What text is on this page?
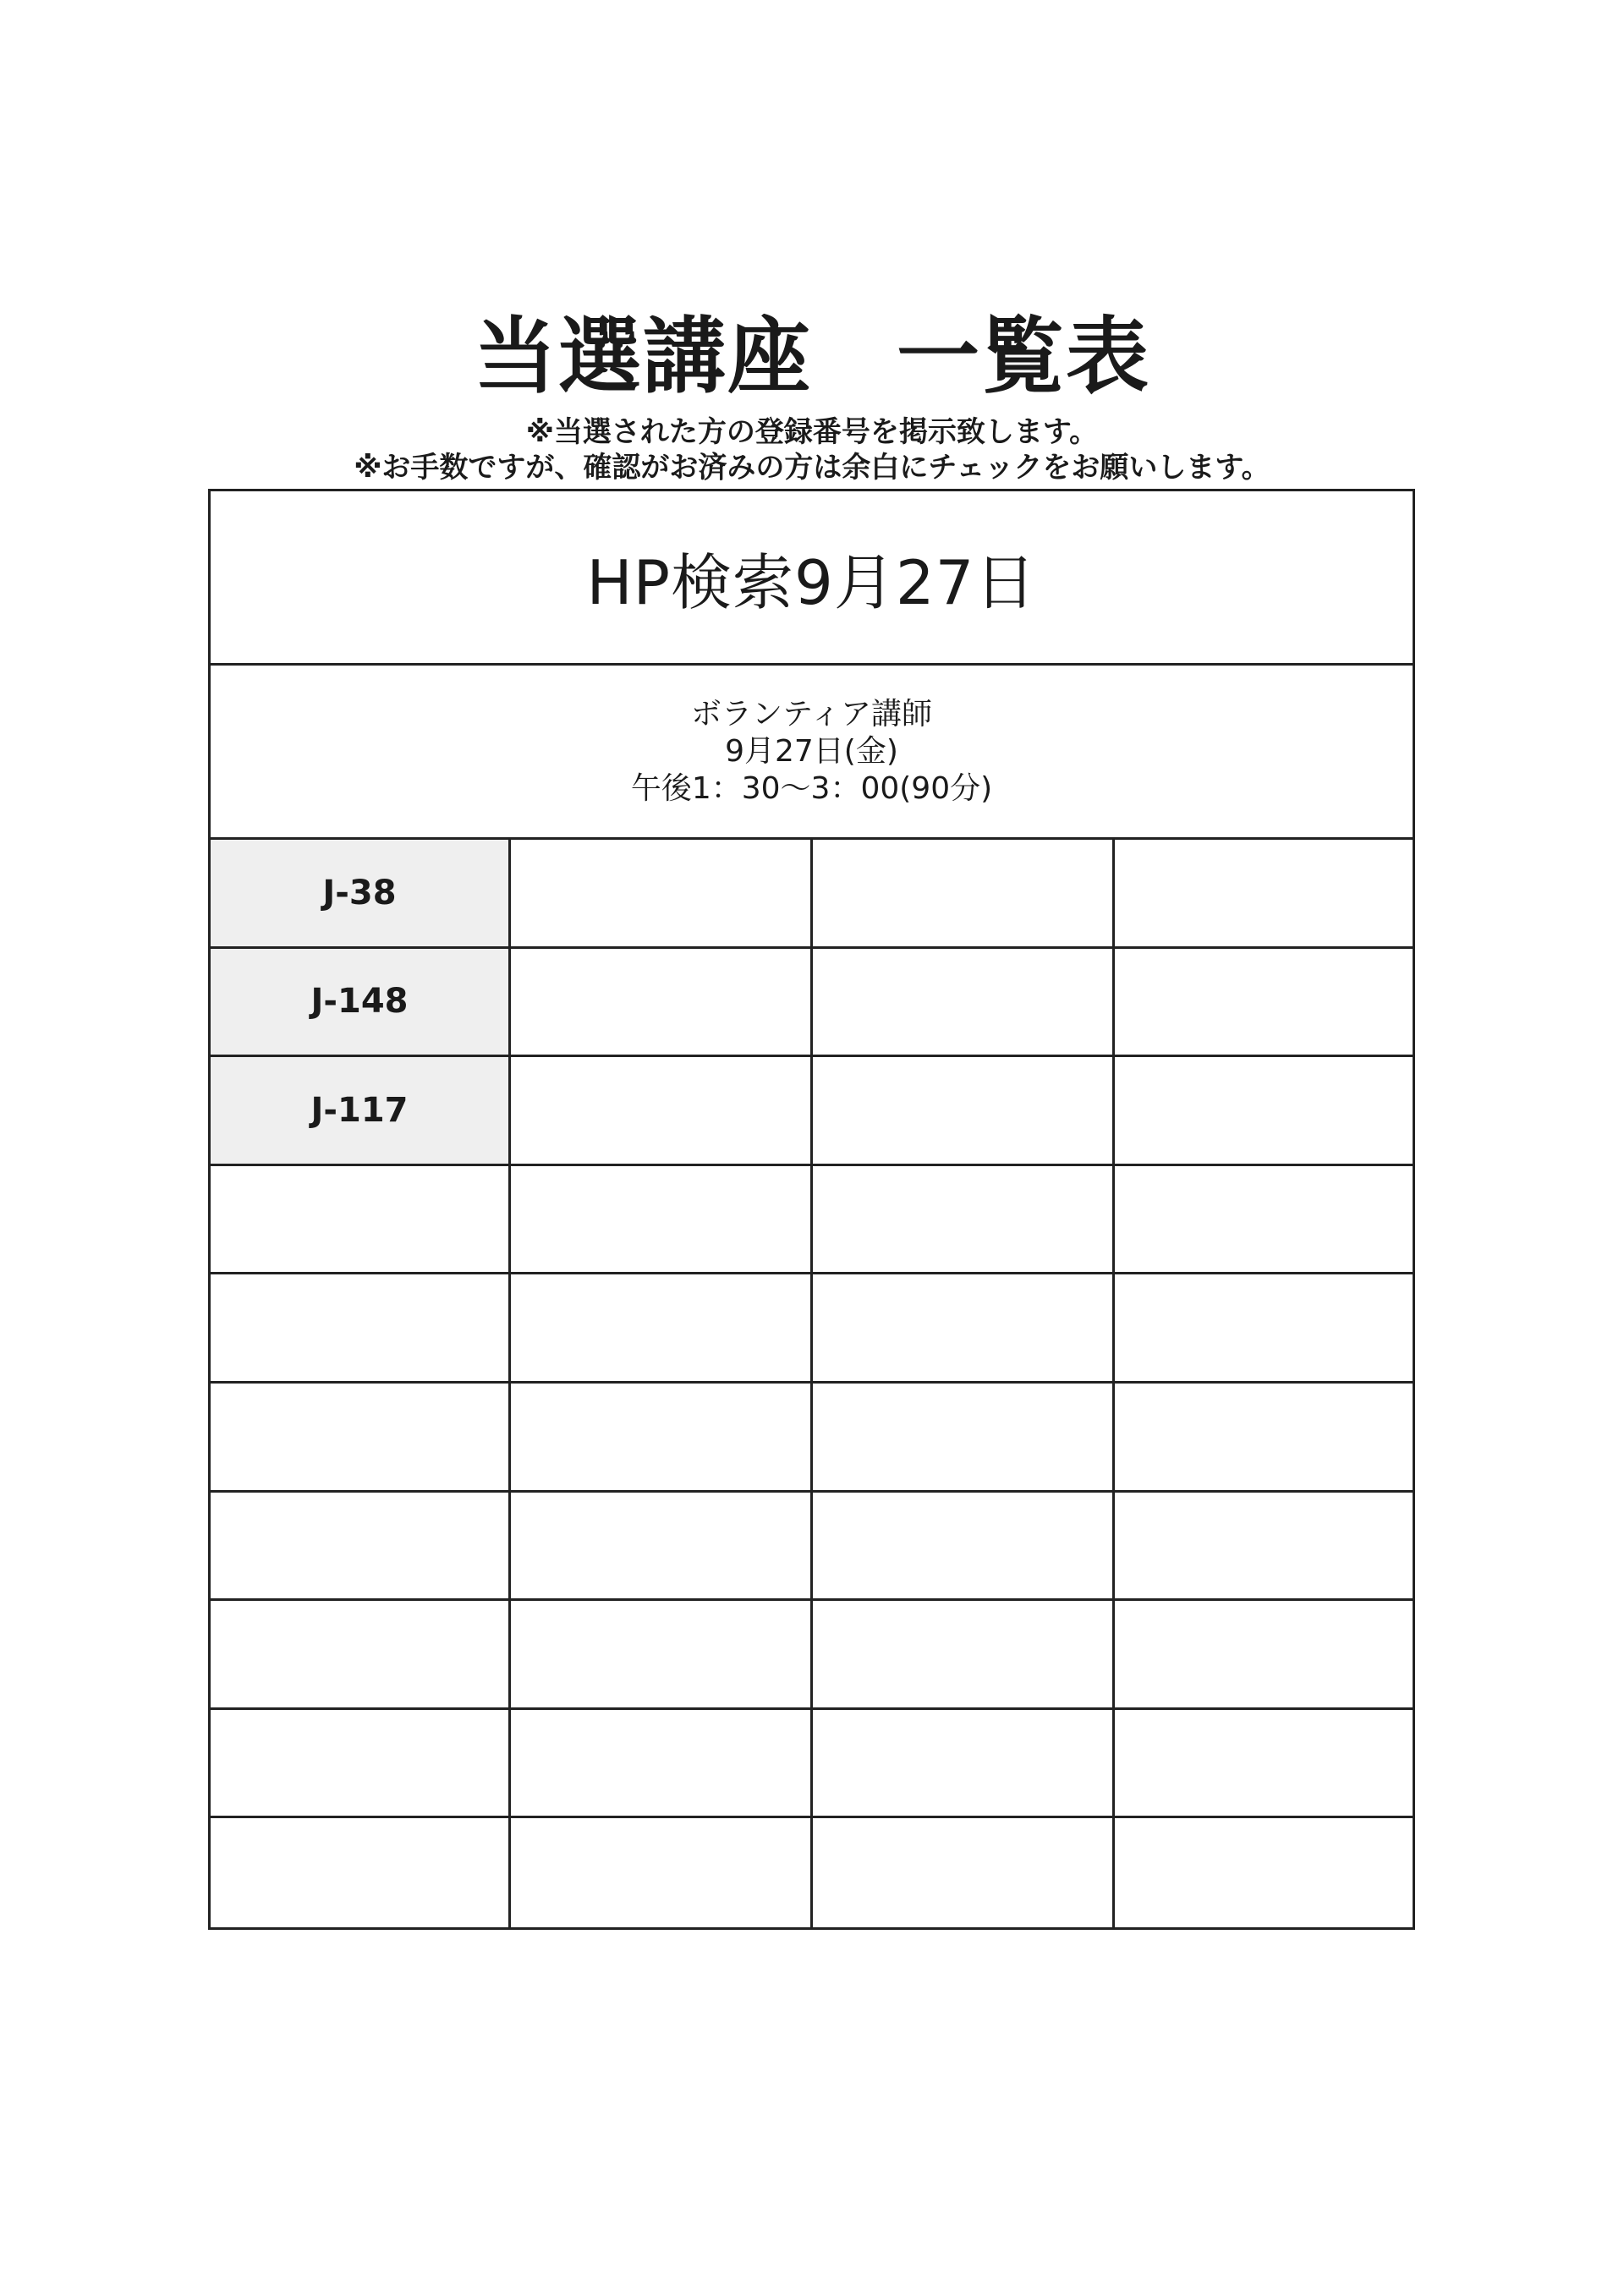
当選講座　一覧表
※当選された方の登録番号を掲示致します。
※お手数ですが、確認がお済みの方は余白にチェックをお願いします。
HP検索9月27日
ボランティア講師
9月27日(金)
午後1：30〜3：00(90分)
J-38
J-148
J-117
